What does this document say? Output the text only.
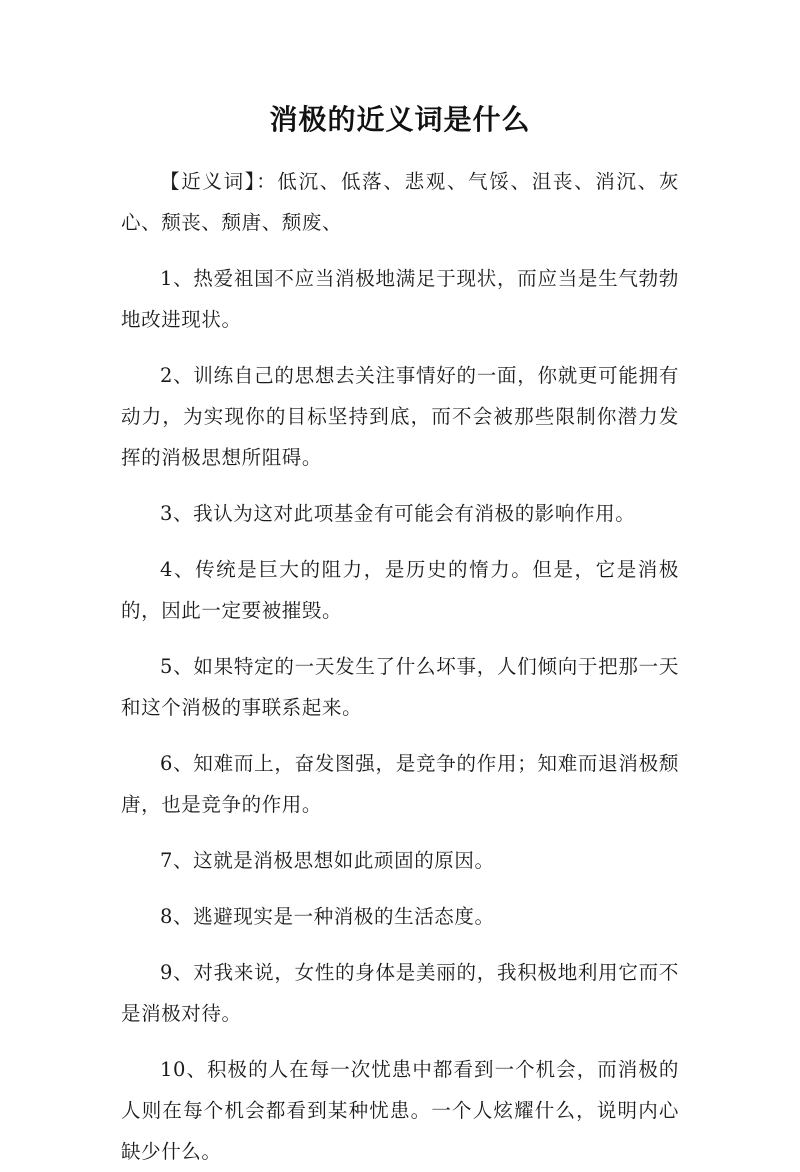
消极的近义词是什么

【近义词】：低沉、低落、悲观、气馁、沮丧、消沉、灰心、颓丧、颓唐、颓废、

1、热爱祖国不应当消极地满足于现状，而应当是生气勃勃地改进现状。

2、训练自己的思想去关注事情好的一面，你就更可能拥有动力，为实现你的目标坚持到底，而不会被那些限制你潜力发挥的消极思想所阻碍。

3、我认为这对此项基金有可能会有消极的影响作用。

4、传统是巨大的阻力，是历史的惰力。但是，它是消极的，因此一定要被摧毁。

5、如果特定的一天发生了什么坏事，人们倾向于把那一天和这个消极的事联系起来。

6、知难而上，奋发图强，是竞争的作用；知难而退消极颓唐，也是竞争的作用。

7、这就是消极思想如此顽固的原因。

8、逃避现实是一种消极的生活态度。

9、对我来说，女性的身体是美丽的，我积极地利用它而不是消极对待。

10、积极的人在每一次忧患中都看到一个机会，而消极的人则在每个机会都看到某种忧患。一个人炫耀什么，说明内心缺少什么。
